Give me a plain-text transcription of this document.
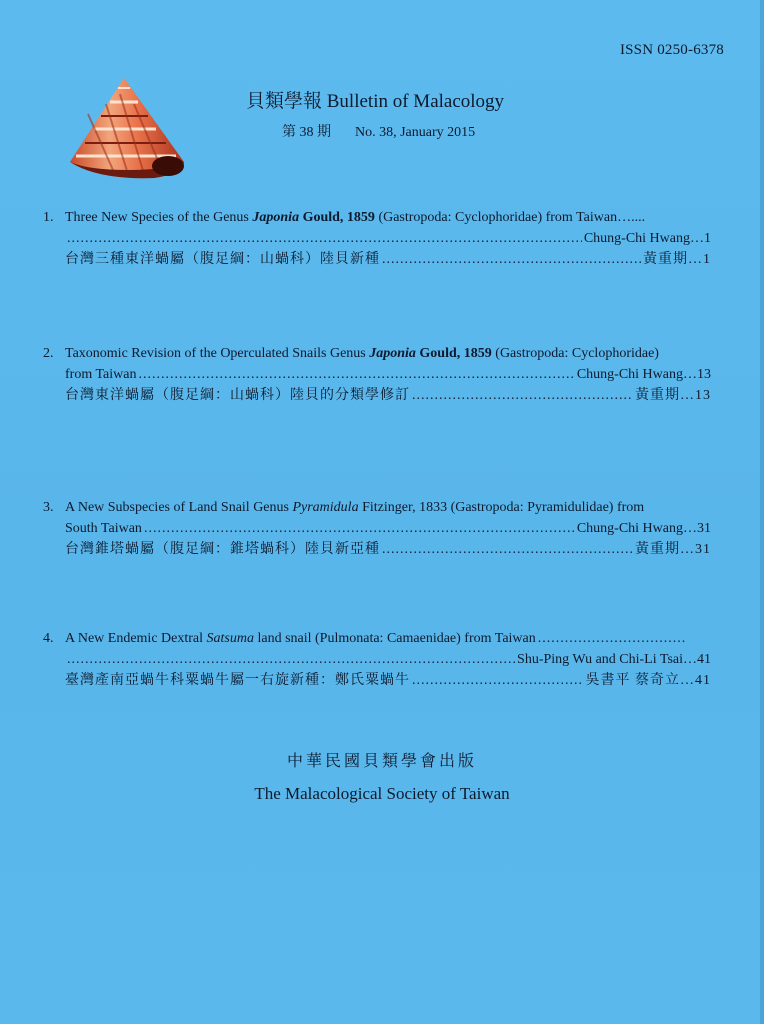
ISSN 0250-6378
貝類學報 Bulletin of Malacology
第 38 期 No. 38, January 2015
1. Three New Species of the Genus Japonia Gould, 1859 (Gastropoda: Cyclophoridae) from Taiwan…....
.....
Chung-Chi Hwang…1
台灣三種東洋蝸屬（腹足綱：山蝸科）陸貝新種 .....	黃重期…1
2. Taxonomic Revision of the Operculated Snails Genus Japonia Gould, 1859 (Gastropoda: Cyclophoridae)
from Taiwan .....	Chung-Chi Hwang…13
台灣東洋蝸屬（腹足綱：山蝸科）陸貝的分類學修訂 .....	黃重期…13
3. A New Subspecies of Land Snail Genus Pyramidula Fitzinger, 1833 (Gastropoda: Pyramidulidae) from
South Taiwan .....	Chung-Chi Hwang…31
台灣錐塔蝸屬（腹足綱：錐塔蝸科）陸貝新亞種 .....	黃重期…31
4. A New Endemic Dextral Satsuma land snail (Pulmonata: Camaenidae) from Taiwan
.....
.....
Shu-Ping Wu and Chi-Li Tsai…41
臺灣產南亞蝸牛科粟蝸牛屬一右旋新種：鄭氏粟蝸牛 .....	吳書平 蔡奇立…41
中華民國貝類學會出版
The Malacological Society of Taiwan
